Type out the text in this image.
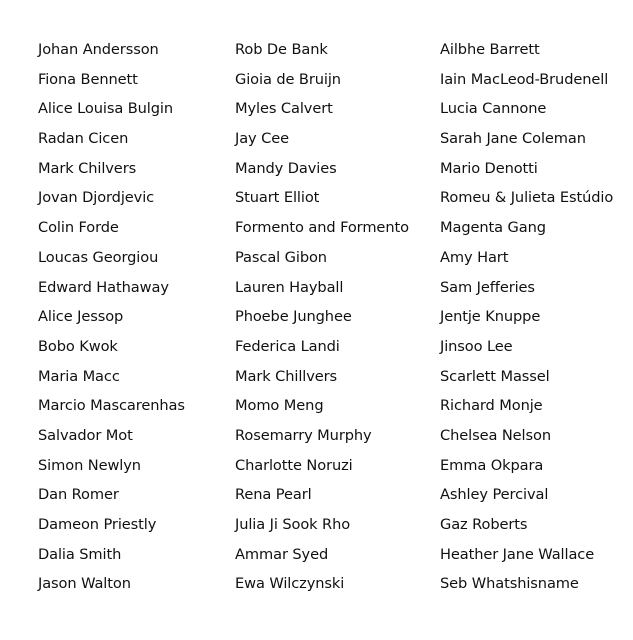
Johan Andersson
Fiona Bennett
Alice Louisa Bulgin
Radan Cicen
Mark Chilvers
Jovan Djordjevic
Colin Forde
Loucas Georgiou
Edward Hathaway
Alice Jessop
Bobo Kwok
Maria Macc
Marcio Mascarenhas
Salvador Mot
Simon Newlyn
Dan Romer
Dameon Priestly
Dalia Smith
Jason Walton
Rob De Bank
Gioia de Bruijn
Myles Calvert
Jay Cee
Mandy Davies
Stuart Elliot
Formento and Formento
Pascal Gibon
Lauren Hayball
Phoebe Junghee
Federica Landi
Mark Chillvers
Momo Meng
Rosemarry Murphy
Charlotte Noruzi
Rena Pearl
Julia Ji Sook Rho
Ammar Syed
Ewa Wilczynski
Ailbhe Barrett
Iain MacLeod-Brudenell
Lucia Cannone
Sarah Jane Coleman
Mario Denotti
Romeu & Julieta Estúdio
Magenta Gang
Amy Hart
Sam Jefferies
Jentje Knuppe
Jinsoo Lee
Scarlett Massel
Richard Monje
Chelsea Nelson
Emma Okpara
Ashley Percival
Gaz Roberts
Heather Jane Wallace
Seb Whatshisname
